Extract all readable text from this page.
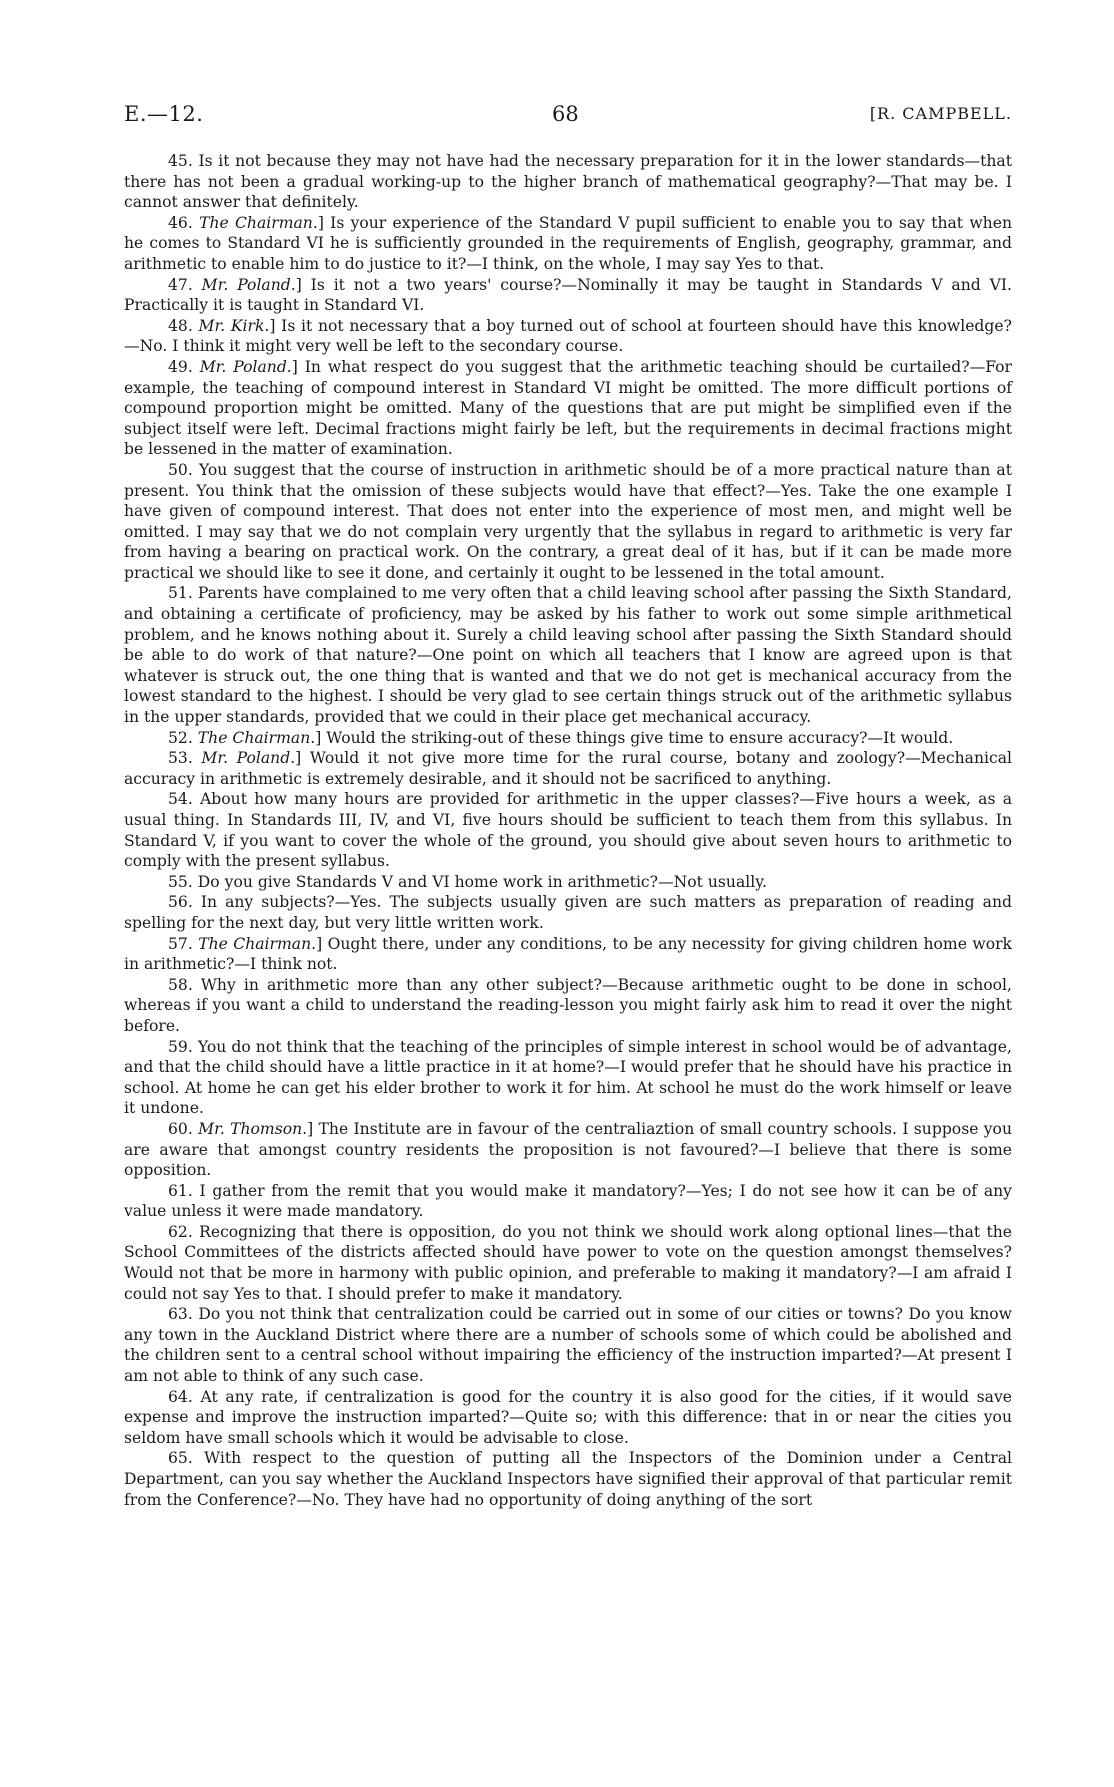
E.—12.	68	[R. CAMPBELL.

45. Is it not because they may not have had the necessary preparation for it in the lower standards—that there has not been a gradual working-up to the higher branch of mathematical geography?—That may be. I cannot answer that definitely.

46. The Chairman.] Is your experience of the Standard V pupil sufficient to enable you to say that when he comes to Standard VI he is sufficiently grounded in the requirements of English, geography, grammar, and arithmetic to enable him to do justice to it?—I think, on the whole, I may say Yes to that.

47. Mr. Poland.] Is it not a two years' course?—Nominally it may be taught in Standards V and VI. Practically it is taught in Standard VI.

48. Mr. Kirk.] Is it not necessary that a boy turned out of school at fourteen should have this knowledge?—No. I think it might very well be left to the secondary course.

49. Mr. Poland.] In what respect do you suggest that the arithmetic teaching should be curtailed?—For example, the teaching of compound interest in Standard VI might be omitted. The more difficult portions of compound proportion might be omitted. Many of the questions that are put might be simplified even if the subject itself were left. Decimal fractions might fairly be left, but the requirements in decimal fractions might be lessened in the matter of examination.

50. You suggest that the course of instruction in arithmetic should be of a more practical nature than at present. You think that the omission of these subjects would have that effect?—Yes. Take the one example I have given of compound interest. That does not enter into the experience of most men, and might well be omitted. I may say that we do not complain very urgently that the syllabus in regard to arithmetic is very far from having a bearing on practical work. On the contrary, a great deal of it has, but if it can be made more practical we should like to see it done, and certainly it ought to be lessened in the total amount.

51. Parents have complained to me very often that a child leaving school after passing the Sixth Standard, and obtaining a certificate of proficiency, may be asked by his father to work out some simple arithmetical problem, and he knows nothing about it. Surely a child leaving school after passing the Sixth Standard should be able to do work of that nature?—One point on which all teachers that I know are agreed upon is that whatever is struck out, the one thing that is wanted and that we do not get is mechanical accuracy from the lowest standard to the highest. I should be very glad to see certain things struck out of the arithmetic syllabus in the upper standards, provided that we could in their place get mechanical accuracy.

52. The Chairman.] Would the striking-out of these things give time to ensure accuracy?—It would.

53. Mr. Poland.] Would it not give more time for the rural course, botany and zoology?—Mechanical accuracy in arithmetic is extremely desirable, and it should not be sacrificed to anything.

54. About how many hours are provided for arithmetic in the upper classes?—Five hours a week, as a usual thing. In Standards III, IV, and VI, five hours should be sufficient to teach them from this syllabus. In Standard V, if you want to cover the whole of the ground, you should give about seven hours to arithmetic to comply with the present syllabus.

55. Do you give Standards V and VI home work in arithmetic?—Not usually.

56. In any subjects?—Yes. The subjects usually given are such matters as preparation of reading and spelling for the next day, but very little written work.

57. The Chairman.] Ought there, under any conditions, to be any necessity for giving children home work in arithmetic?—I think not.

58. Why in arithmetic more than any other subject?—Because arithmetic ought to be done in school, whereas if you want a child to understand the reading-lesson you might fairly ask him to read it over the night before.

59. You do not think that the teaching of the principles of simple interest in school would be of advantage, and that the child should have a little practice in it at home?—I would prefer that he should have his practice in school. At home he can get his elder brother to work it for him. At school he must do the work himself or leave it undone.

60. Mr. Thomson.] The Institute are in favour of the centraliaztion of small country schools. I suppose you are aware that amongst country residents the proposition is not favoured?—I believe that there is some opposition.

61. I gather from the remit that you would make it mandatory?—Yes; I do not see how it can be of any value unless it were made mandatory.

62. Recognizing that there is opposition, do you not think we should work along optional lines—that the School Committees of the districts affected should have power to vote on the question amongst themselves? Would not that be more in harmony with public opinion, and preferable to making it mandatory?—I am afraid I could not say Yes to that. I should prefer to make it mandatory.

63. Do you not think that centralization could be carried out in some of our cities or towns? Do you know any town in the Auckland District where there are a number of schools some of which could be abolished and the children sent to a central school without impairing the efficiency of the instruction imparted?—At present I am not able to think of any such case.

64. At any rate, if centralization is good for the country it is also good for the cities, if it would save expense and improve the instruction imparted?—Quite so; with this difference: that in or near the cities you seldom have small schools which it would be advisable to close.

65. With respect to the question of putting all the Inspectors of the Dominion under a Central Department, can you say whether the Auckland Inspectors have signified their approval of that particular remit from the Conference?—No. They have had no opportunity of doing anything of the sort
